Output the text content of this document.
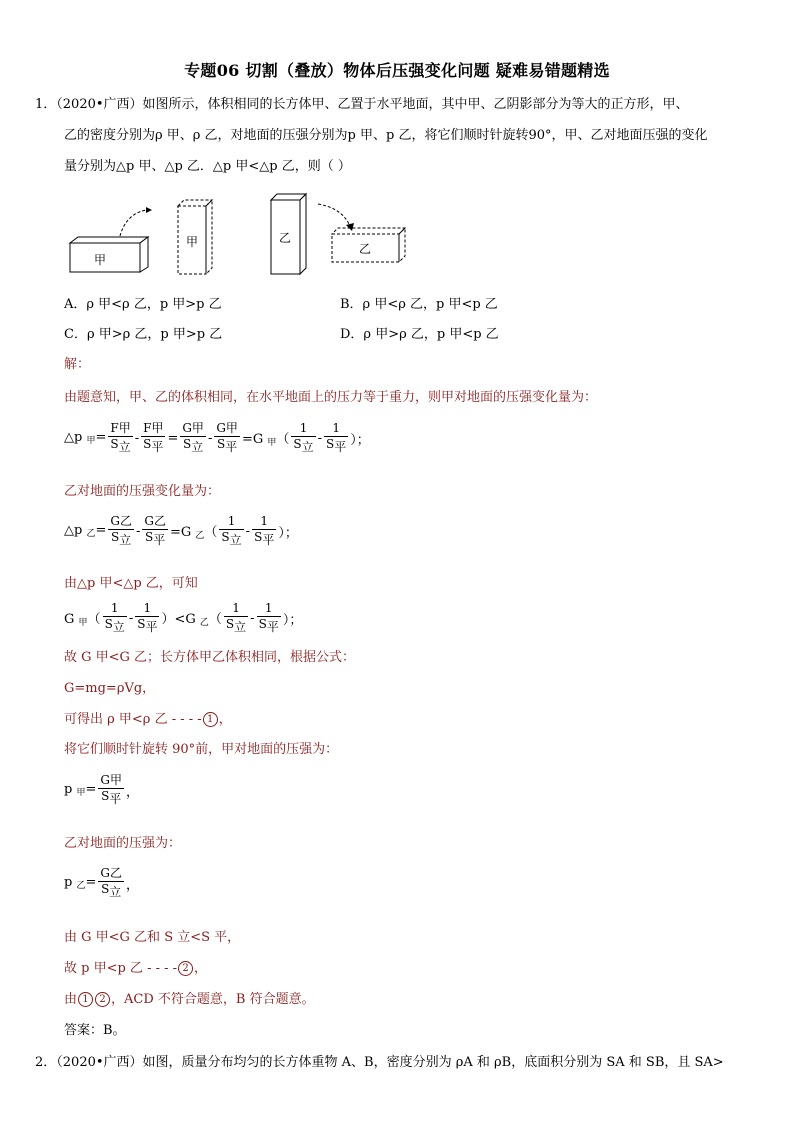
专题06 切割（叠放）物体后压强变化问题 疑难易错题精选
1．（2020•广西）如图所示，体积相同的长方体甲、乙置于水平地面，其中甲、乙阴影部分为等大的正方形，甲、
乙的密度分别为ρ 甲、ρ 乙，对地面的压强分别为p 甲、p 乙，将它们顺时针旋转90°，甲、乙对地面压强的变化
量分别为△p 甲、△p 乙．△p 甲<△p 乙，则（ ）
甲
甲	乙
乙
A．ρ 甲<ρ 乙，p 甲>p 乙	B．ρ 甲<ρ 乙，p 甲<p 乙
C．ρ 甲>ρ 乙，p 甲>p 乙	D．ρ 甲>ρ 乙，p 甲<p 乙
解：
由题意知，甲、乙的体积相同，在水平地面上的压力等于重力，则甲对地面的压强变化量为：
△p $_甲= \frac{\text{F甲}}{\text{S立}} - \frac{\text{F甲}}{\text{S平}} = \frac{\text{G甲}}{\text{S立}} - \frac{\text{G甲}}{\text{S平}} =G$ $_甲( \frac{1}{\text{S立}} - \frac{1}{\text{S平}}$ ）；
乙对地面的压强变化量为：
△p $_乙= \frac{\text{G乙}}{\text{S立}} - \frac{\text{G乙}}{\text{S平}} =G$ $_乙( \frac{1}{\text{S立}} - \frac{1}{\text{S平}}$ ）；
由△p 甲<△p 乙，可知
G $_甲( \frac{1}{\text{S立}} - \frac{1}{\text{S平}} )<G$ $_乙( \frac{1}{\text{S立}} - \frac{1}{\text{S平}}$ ）；
故 G 甲<G 乙；长方体甲乙体积相同，根据公式：
G=mg=ρVg，
可得出 ρ 甲<ρ 乙 - - - - 1 ，
将它们顺时针旋转 90°前，甲对地面的压强为：
p $_甲= \frac{\text{G甲}}{\text{S平}}$ ，
乙对地面的压强为：
p $_乙= \frac{\text{G乙}}{\text{S立}}$ ，
由 G 甲<G 乙和 S 立<S 平，
故 p 甲<p 乙 - - - - 2 ，
由 1 2 ，ACD 不符合题意，B 符合题意。
答案：B。
2．（2020•广西）如图，质量分布均匀的长方体重物 A、B，密度分别为 ρA 和 ρB，底面积分别为 SA 和 SB，且 SA>
